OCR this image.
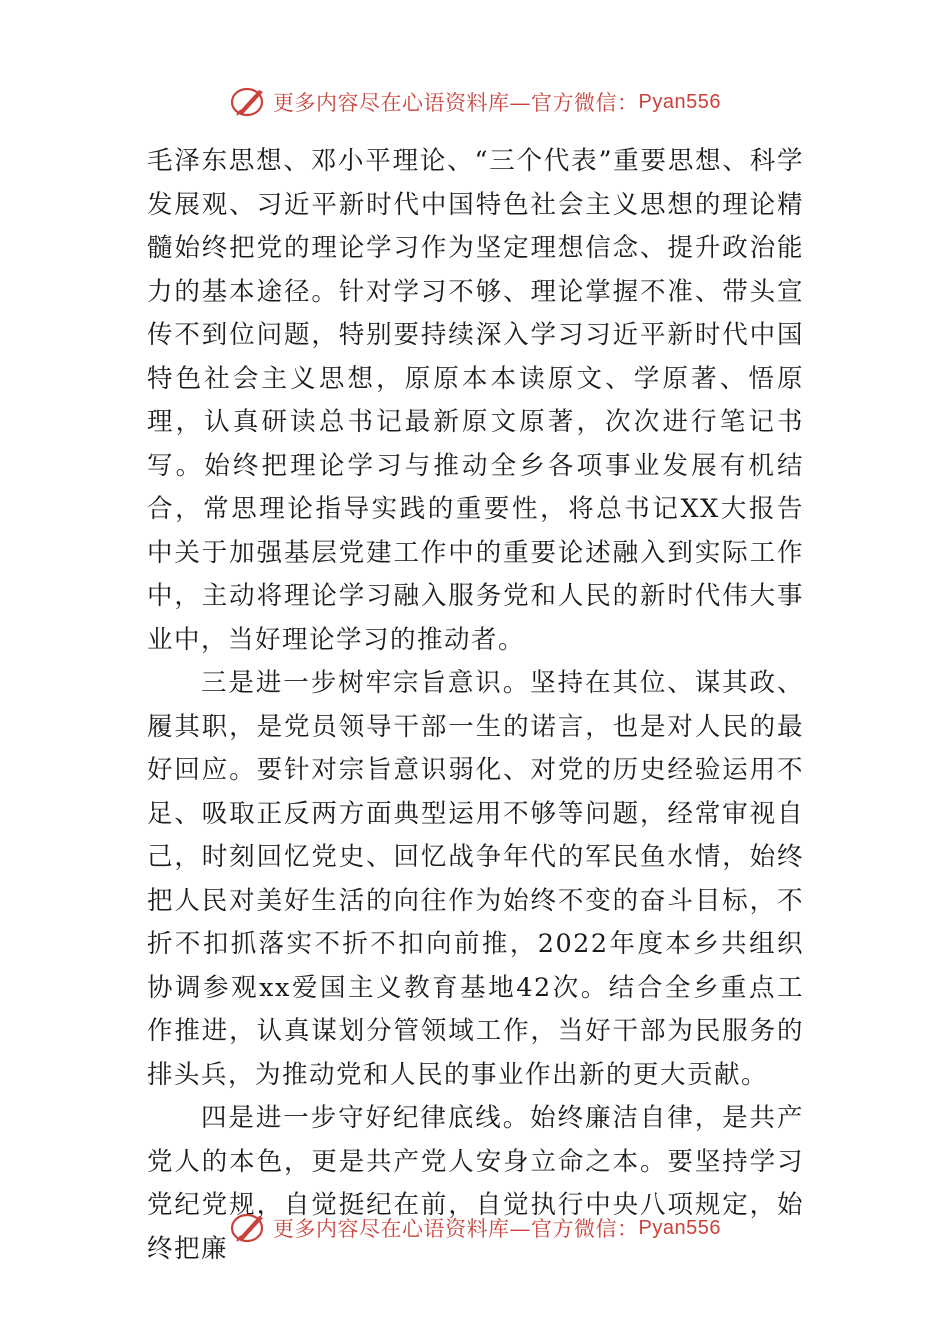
更多内容尽在心语资料库—官方微信： Pyan556

毛泽东思想、邓小平理论、“三个代表”重要思想、科学发展观、习近平新时代中国特色社会主义思想的理论精髓始终把党的理论学习作为坚定理想信念、提升政治能力的基本途径。针对学习不够、理论掌握不准、带头宣传不到位问题，特别要持续深入学习习近平新时代中国特色社会主义思想，原原本本读原文、学原著、悟原理，认真研读总书记最新原文原著，次次进行笔记书写。始终把理论学习与推动全乡各项事业发展有机结合，常思理论指导实践的重要性，将总书记XX大报告中关于加强基层党建工作中的重要论述融入到实际工作中，主动将理论学习融入服务党和人民的新时代伟大事业中，当好理论学习的推动者。

三是进一步树牢宗旨意识。坚持在其位、谋其政、履其职，是党员领导干部一生的诺言，也是对人民的最好回应。要针对宗旨意识弱化、对党的历史经验运用不足、吸取正反两方面典型运用不够等问题，经常审视自己，时刻回忆党史、回忆战争年代的军民鱼水情，始终把人民对美好生活的向往作为始终不变的奋斗目标，不折不扣抓落实不折不扣向前推，2022年度本乡共组织协调参观xx爱国主义教育基地42次。结合全乡重点工作推进，认真谋划分管领域工作，当好干部为民服务的排头兵，为推动党和人民的事业作出新的更大贡献。

四是进一步守好纪律底线。始终廉洁自律，是共产党人的本色，更是共产党人安身立命之本。要坚持学习党纪党规，自觉挺纪在前，自觉执行中央八项规定，始终把廉

更多内容尽在心语资料库—官方微信： Pyan556
